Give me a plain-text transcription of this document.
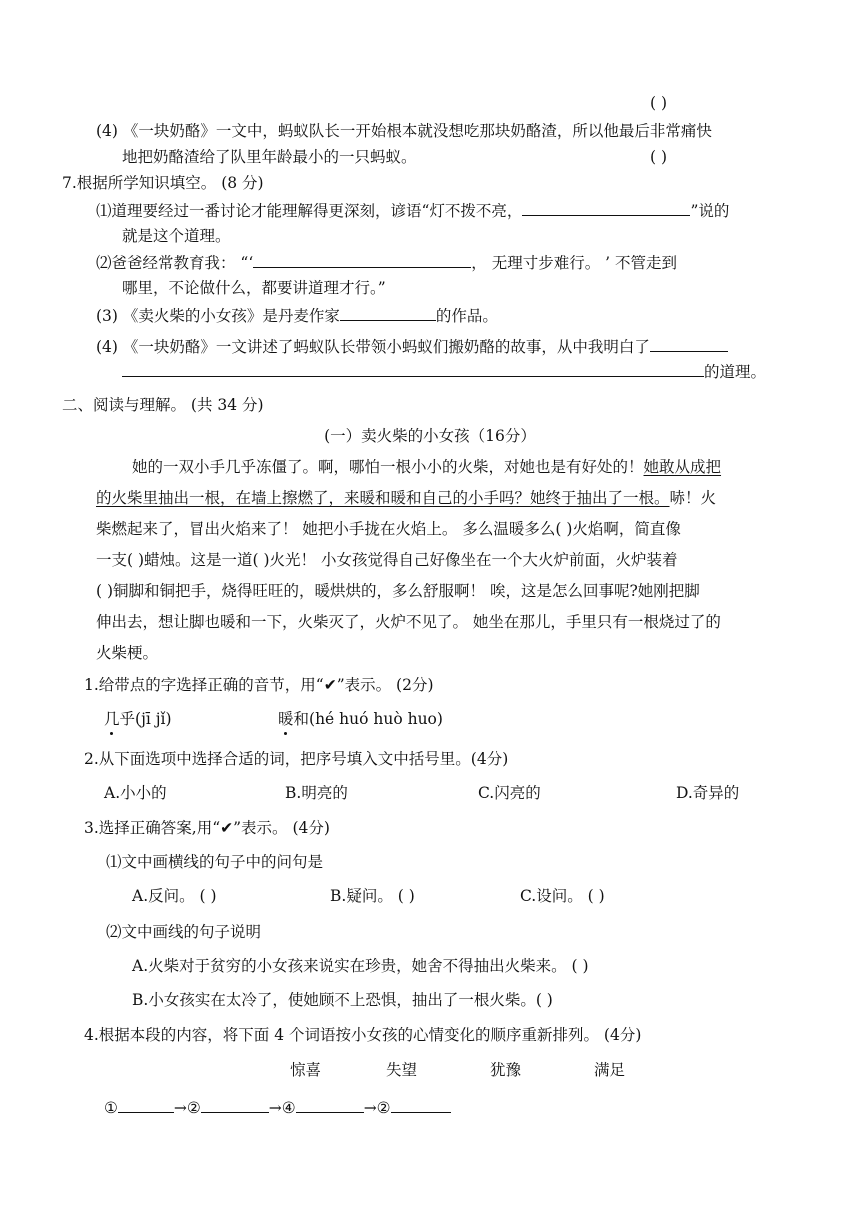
( )
(4) 《一块奶酪》一文中，蚂蚁队长一开始根本就没想吃那块奶酪渣，所以他最后非常痛快
地把奶酪渣给了队里年龄最小的一只蚂蚁。	( )
7.根据所学知识填空。 (8 分)
⑴道理要经过一番讨论才能理解得更深刻，谚语“灯不拨不亮，	”说的
就是这个道理。
⑵爸爸经常教育我： “‘	， 无理寸步难行。 ’ 不管走到
哪里，不论做什么，都要讲道理才行。”
(3) 《卖火柴的小女孩》是丹麦作家	的作品。
(4) 《一块奶酪》一文讲述了蚂蚁队长带领小蚂蚁们搬奶酪的故事，从中我明白了
的道理。
二、阅读与理解。 (共 34 分)
(一）卖火柴的小女孩（16分）
她的一双小手几乎冻僵了。啊，哪怕一根小小的火柴，对她也是有好处的！她敢从成把
的火柴里抽出一根，在墙上擦燃了，来暖和暖和自己的小手吗？她终于抽出了一根。哧！火
柴燃起来了，冒出火焰来了！ 她把小手拢在火焰上。 多么温暖多么( )火焰啊，简直像
一支( )蜡烛。这是一道( )火光！ 小女孩觉得自己好像坐在一个大火炉前面，火炉装着
( )铜脚和铜把手，烧得旺旺的，暖烘烘的，多么舒服啊！ 唉，这是怎么回事呢?她刚把脚
伸出去，想让脚也暖和一下，火柴灭了，火炉不见了。 她坐在那儿，手里只有一根烧过了的
火柴梗。
1.给带点的字选择正确的音节，用“✔”表示。 (2分)
几乎(jī jǐ)	暖和(hé huó huò huo)
2.从下面选项中选择合适的词，把序号填入文中括号里。(4分)
A.小小的	B.明亮的	C.闪亮的	D.奇异的
3.选择正确答案,用“✔”表示。 (4分)
⑴文中画横线的句子中的问句是
A.反问。 ( )	B.疑问。 ( )	C.设问。 ( )
⑵文中画线的句子说明
A.火柴对于贫穷的小女孩来说实在珍贵，她舍不得抽出火柴来。 ( )
B.小女孩实在太冷了，使她顾不上恐惧，抽出了一根火柴。( )
4.根据本段的内容，将下面 4 个词语按小女孩的心情变化的顺序重新排列。 (4分)
惊喜	失望	犹豫	满足
①	→②	→④	→②
